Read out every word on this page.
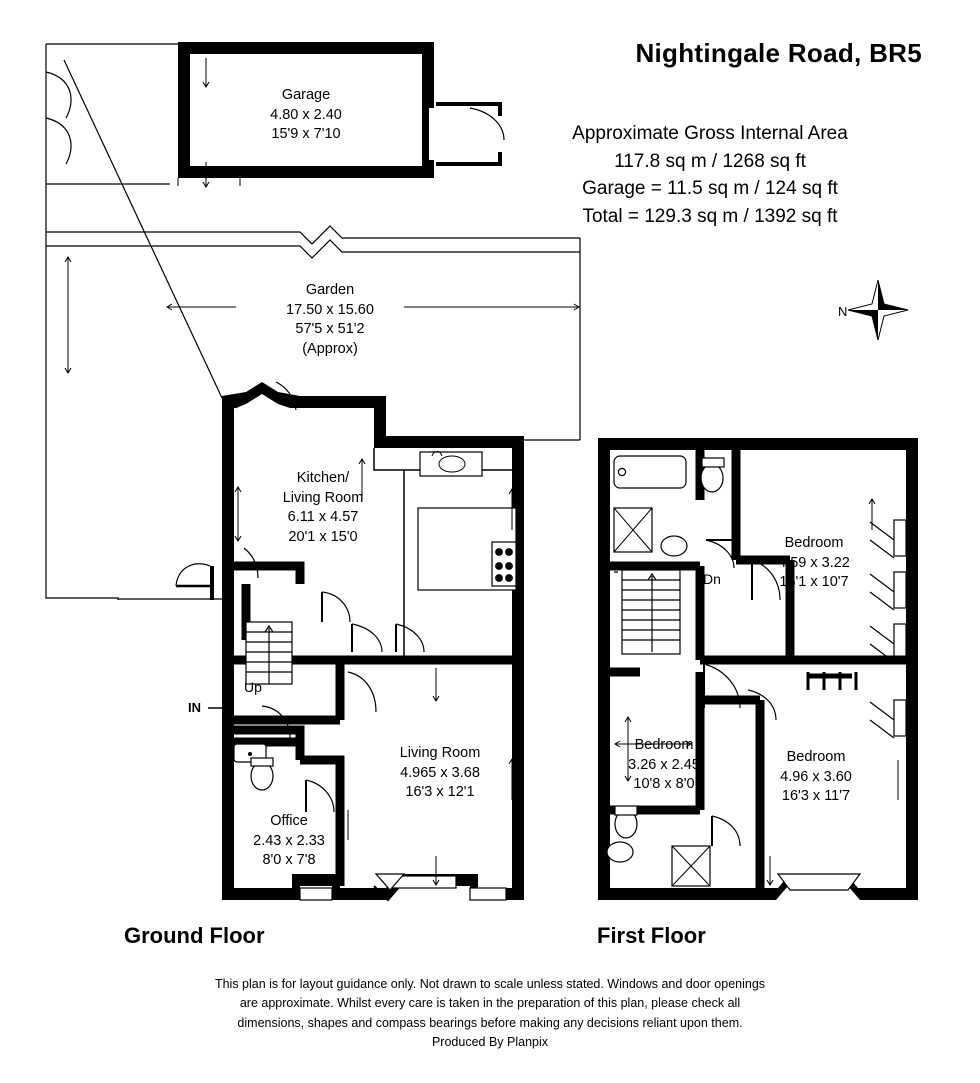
Nightingale Road, BR5
Approximate Gross Internal Area
117.8 sq m / 1268 sq ft
Garage = 11.5 sq m / 124 sq ft
Total = 129.3 sq m / 1392 sq ft
Garage
4.80 x 2.40
15'9 x 7'10
Garden
17.50 x 15.60
57'5 x 51'2
(Approx)
Kitchen/
Living Room
6.11 x 4.57
20'1 x 15'0
Living Room
4.965 x 3.68
16'3 x 12'1
Office
2.43 x 2.33
8'0 x 7'8
Bedroom
4.59 x 3.22
15'1 x 10'7
Bedroom
3.26 x 2.45
10'8 x 8'0
Bedroom
4.96 x 3.60
16'3 x 11'7
IN
Up
Dn
N
Ground Floor	First Floor
This plan is for layout guidance only. Not drawn to scale unless stated. Windows and door openings
are approximate. Whilst every care is taken in the preparation of this plan, please check all
dimensions, shapes and compass bearings before making any decisions reliant upon them.
Produced By Planpix
